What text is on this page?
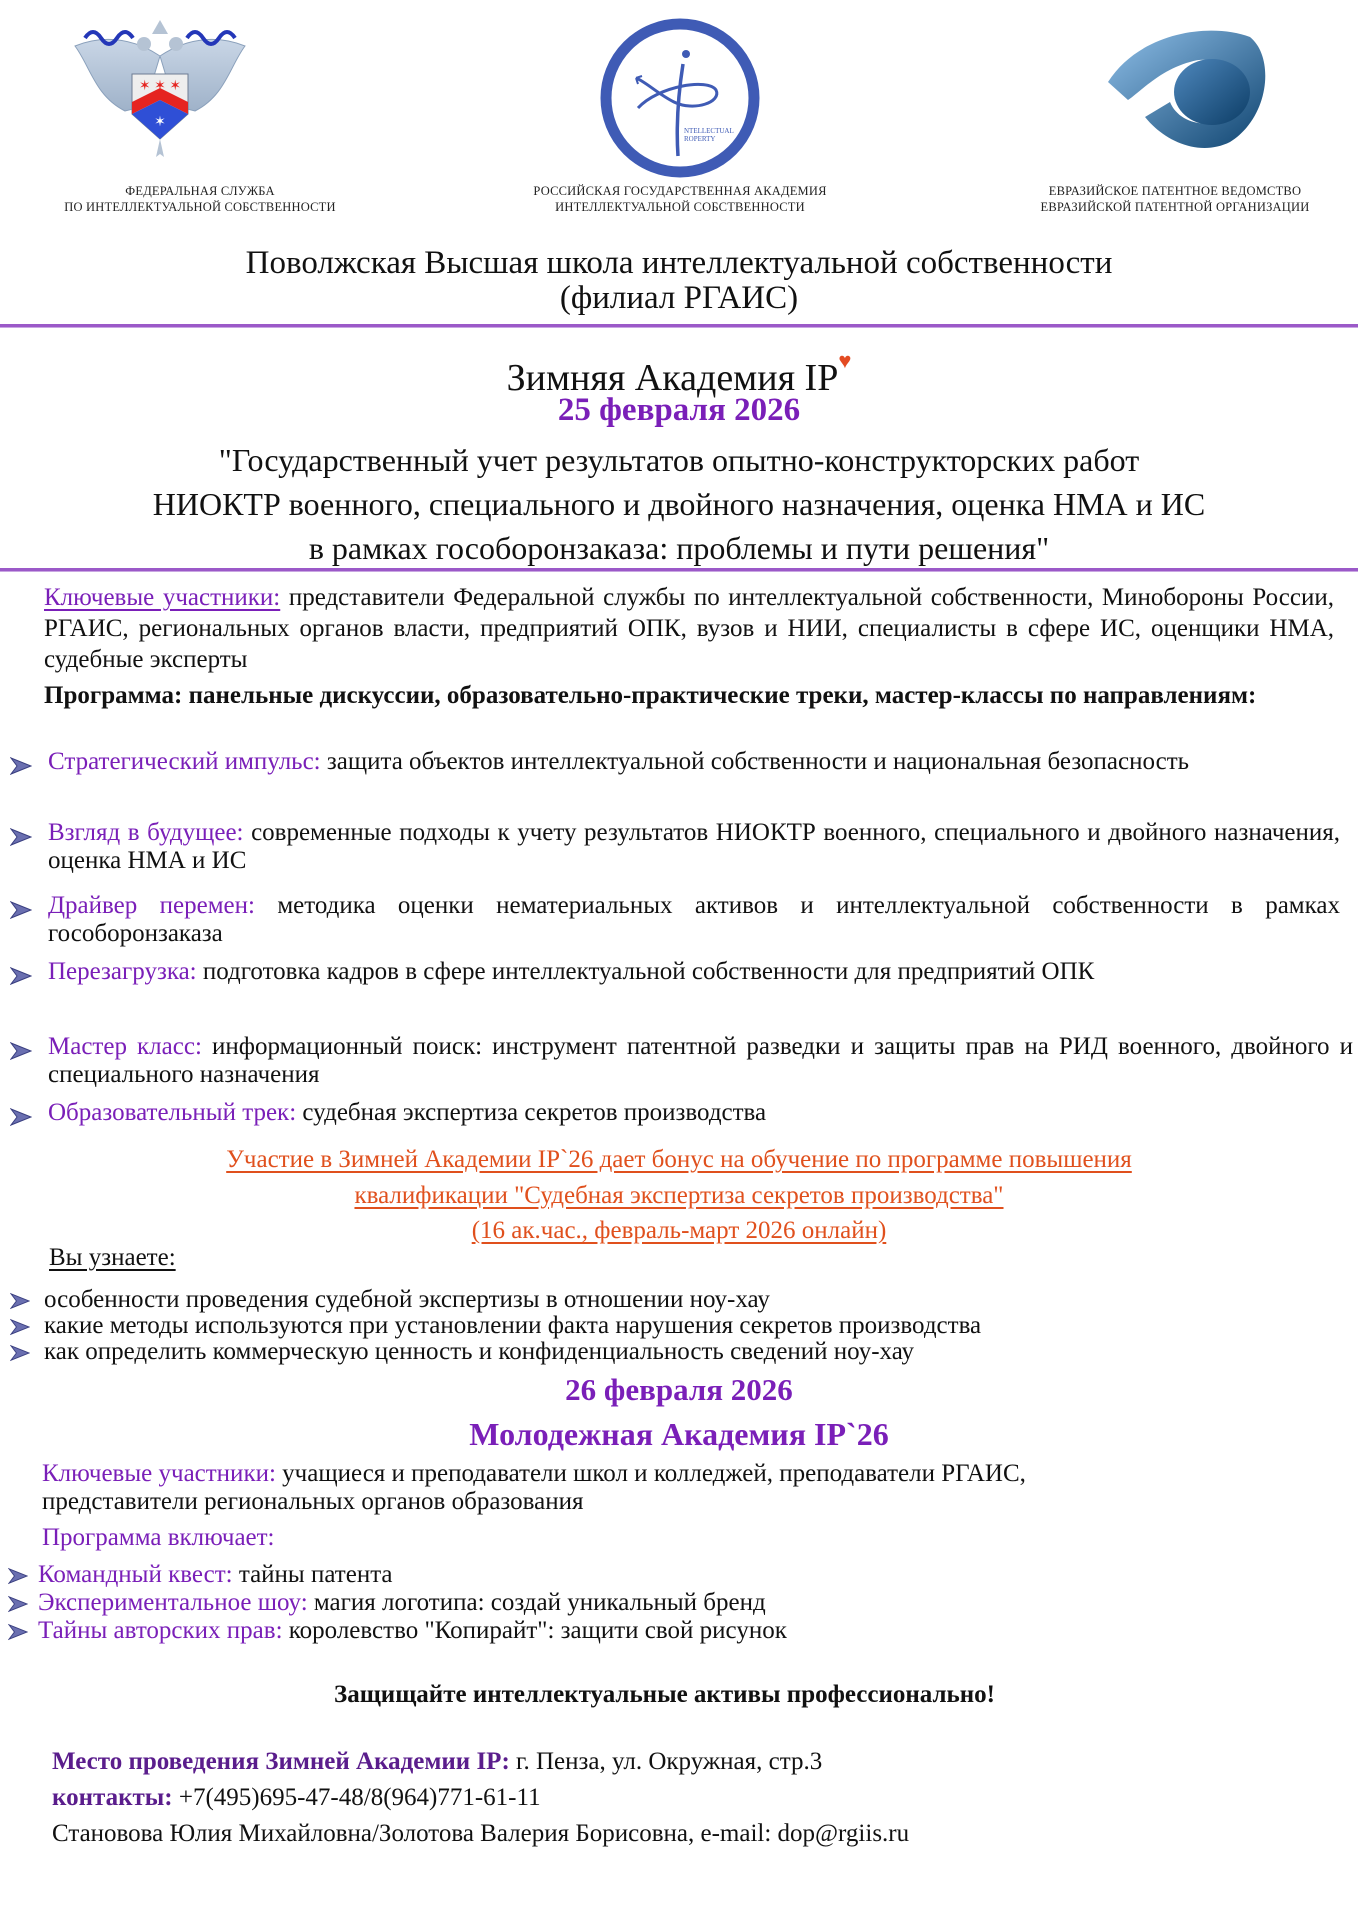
✶ ✶ ✶
✶
ФЕДЕРАЛЬНАЯ СЛУЖБА
ПО ИНТЕЛЛЕКТУАЛЬНОЙ СОБСТВЕННОСТИ
NTELLECTUAL
ROPERTY
РОССИЙСКАЯ ГОСУДАРСТВЕННАЯ АКАДЕМИЯ
ИНТЕЛЛЕКТУАЛЬНОЙ СОБСТВЕННОСТИ
ЕВРАЗИЙСКОЕ ПАТЕНТНОЕ ВЕДОМСТВО
ЕВРАЗИЙСКОЙ ПАТЕНТНОЙ ОРГАНИЗАЦИИ
Поволжская Высшая школа интеллектуальной собственности
(филиал РГАИС)
Зимняя Академия IP♥
25 февраля 2026
"Государственный учет результатов опытно-конструкторских работ
НИОКТР военного, специального и двойного назначения, оценка НМА и ИС
в рамках гособоронзаказа: проблемы и пути решения"
Ключевые участники: представители Федеральной службы по интеллектуальной собственности, Минобороны России, РГАИС, региональных органов власти, предприятий ОПК, вузов и НИИ, специалисты в сфере ИС, оценщики НМА, судебные эксперты
Программа: панельные дискуссии, образовательно-практические треки, мастер-классы по направлениям:
Стратегический импульс: защита объектов интеллектуальной собственности и национальная безопасность
Взгляд в будущее: современные подходы к учету результатов НИОКТР военного, специального и двойного назначения, оценка НМА и ИС
Драйвер перемен: методика оценки нематериальных активов и интеллектуальной собственности в рамках гособоронзаказа
Перезагрузка: подготовка кадров в сфере интеллектуальной собственности для предприятий ОПК
Мастер класс: информационный поиск: инструмент патентной разведки и защиты прав на РИД военного, двойного и специального назначения
Образовательный трек: судебная экспертиза секретов производства
Участие в Зимней Академии IP`26 дает бонус на обучение по программе повышения
квалификации "Судебная экспертиза секретов производства"
(16 ак.час., февраль-март 2026 онлайн)
Вы узнаете:
особенности проведения судебной экспертизы в отношении ноу-хау
какие методы используются при установлении факта нарушения секретов производства
как определить коммерческую ценность и конфиденциальность сведений ноу-хау
26 февраля 2026
Молодежная Академия IP`26
Ключевые участники: учащиеся и преподаватели школ и колледжей, преподаватели РГАИС,
представители региональных органов образования
Программа включает:
Командный квест: тайны патента
Экспериментальное шоу: магия логотипа: создай уникальный бренд
Тайны авторских прав: королевство "Копирайт": защити свой рисунок
Защищайте интеллектуальные активы профессионально!
Место проведения Зимней Академии IP: г. Пенза, ул. Окружная, стр.3
контакты: +7(495)695-47-48/8(964)771-61-11
Становова Юлия Михайловна/Золотова Валерия Борисовна, e-mail: dop@rgiis.ru
